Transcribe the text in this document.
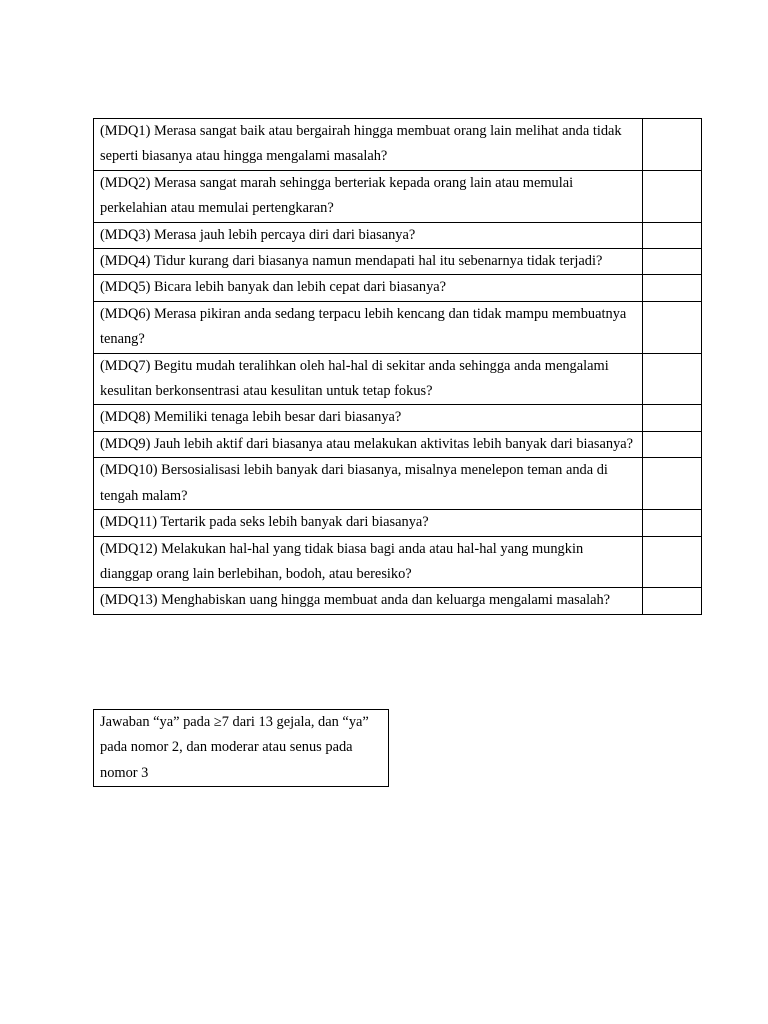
(MDQ1) Merasa sangat baik atau bergairah hingga membuat orang lain melihat anda tidak seperti biasanya atau hingga mengalami masalah?	
(MDQ2) Merasa sangat marah sehingga berteriak kepada orang lain atau memulai perkelahian atau memulai pertengkaran?	
(MDQ3) Merasa jauh lebih percaya diri dari biasanya?	
(MDQ4) Tidur kurang dari biasanya namun mendapati hal itu sebenarnya tidak terjadi?	
(MDQ5) Bicara lebih banyak dan lebih cepat dari biasanya?	
(MDQ6) Merasa pikiran anda sedang terpacu lebih kencang dan tidak mampu membuatnya tenang?	
(MDQ7) Begitu mudah teralihkan oleh hal-hal di sekitar anda sehingga anda mengalami kesulitan berkonsentrasi atau kesulitan untuk tetap fokus?	
(MDQ8) Memiliki tenaga lebih besar dari biasanya?	
(MDQ9) Jauh lebih aktif dari biasanya atau melakukan aktivitas lebih banyak dari biasanya?	
(MDQ10) Bersosialisasi lebih banyak dari biasanya, misalnya menelepon teman anda di tengah malam?	
(MDQ11) Tertarik pada seks lebih banyak dari biasanya?	
(MDQ12) Melakukan hal-hal yang tidak biasa bagi anda atau hal-hal yang mungkin dianggap orang lain berlebihan, bodoh, atau beresiko?	
(MDQ13) Menghabiskan uang hingga membuat anda dan keluarga mengalami masalah?	
Jawaban “ya” pada ≥7 dari 13 gejala, dan “ya” pada nomor 2, dan moderar atau senus pada nomor 3
